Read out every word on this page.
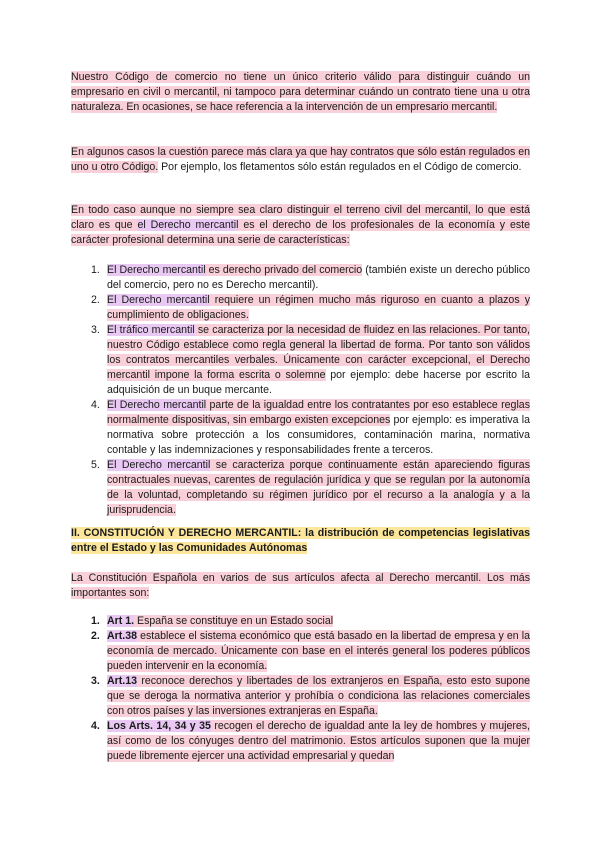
Nuestro Código de comercio no tiene un único criterio válido para distinguir cuándo un empresario en civil o mercantil, ni tampoco para determinar cuándo un contrato tiene una u otra naturaleza. En ocasiones, se hace referencia a la intervención de un empresario mercantil.

En algunos casos la cuestión parece más clara ya que hay contratos que sólo están regulados en uno u otro Código. Por ejemplo, los fletamentos sólo están regulados en el Código de comercio.

En todo caso aunque no siempre sea claro distinguir el terreno civil del mercantil, lo que está claro es que el Derecho mercantil es el derecho de los profesionales de la economía y este carácter profesional determina una serie de características:

1. El Derecho mercantil es derecho privado del comercio (también existe un derecho público del comercio, pero no es Derecho mercantil).
2. El Derecho mercantil requiere un régimen mucho más riguroso en cuanto a plazos y cumplimiento de obligaciones.
3. El tráfico mercantil se caracteriza por la necesidad de fluidez en las relaciones. Por tanto, nuestro Código establece como regla general la libertad de forma. Por tanto son válidos los contratos mercantiles verbales. Únicamente con carácter excepcional, el Derecho mercantil impone la forma escrita o solemne por ejemplo: debe hacerse por escrito la adquisición de un buque mercante.
4. El Derecho mercantil parte de la igualdad entre los contratantes por eso establece reglas normalmente dispositivas, sin embargo existen excepciones por ejemplo: es imperativa la normativa sobre protección a los consumidores, contaminación marina, normativa contable y las indemnizaciones y responsabilidades frente a terceros.
5. El Derecho mercantil se caracteriza porque continuamente están apareciendo figuras contractuales nuevas, carentes de regulación jurídica y que se regulan por la autonomía de la voluntad, completando su régimen jurídico por el recurso a la analogía y a la jurisprudencia.

II. CONSTITUCIÓN Y DERECHO MERCANTIL: la distribución de competencias legislativas entre el Estado y las Comunidades Autónomas

La Constitución Española en varios de sus artículos afecta al Derecho mercantil. Los más importantes son:

1. Art 1. España se constituye en un Estado social
2. Art.38 establece el sistema económico que está basado en la libertad de empresa y en la economía de mercado. Únicamente con base en el interés general los poderes públicos pueden intervenir en la economía.
3. Art.13 reconoce derechos y libertades de los extranjeros en España, esto esto supone que se deroga la normativa anterior y prohíbía o condiciona las relaciones comerciales con otros países y las inversiones extranjeras en España.
4. Los Arts. 14, 34 y 35 recogen el derecho de igualdad ante la ley de hombres y mujeres, así como de los cónyuges dentro del matrimonio. Estos artículos suponen que la mujer puede libremente ejercer una actividad empresarial y quedan
